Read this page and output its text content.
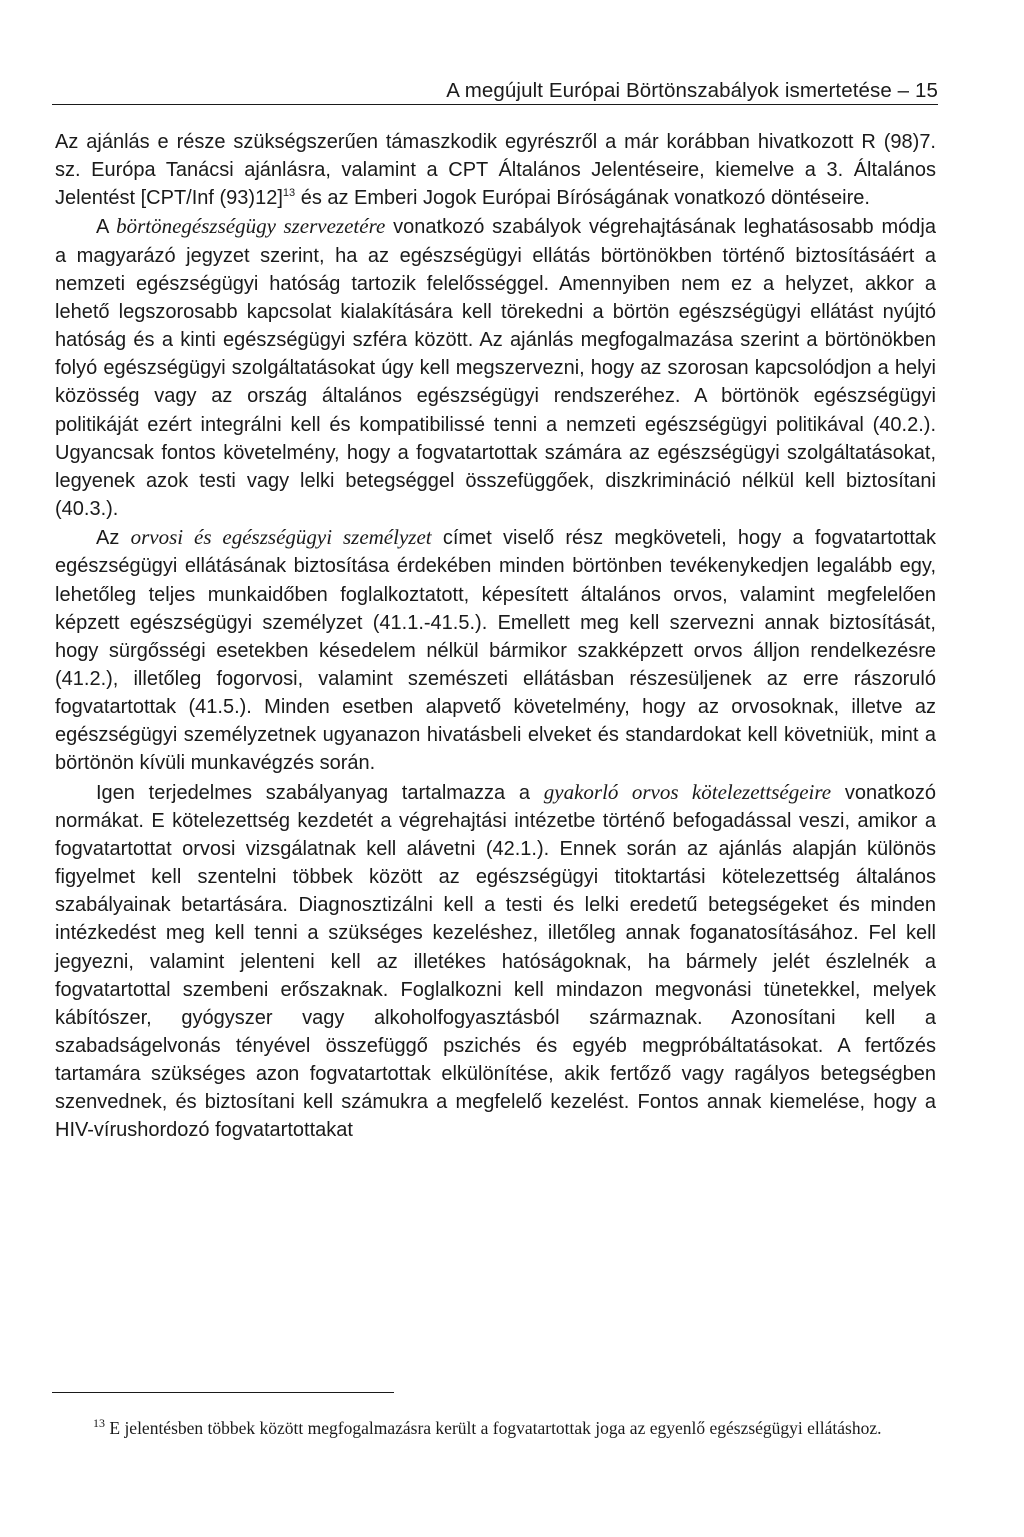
A megújult Európai Börtönszabályok ismertetése – 15

Az ajánlás e része szükségszerűen támaszkodik egyrészről a már korábban hivatkozott R (98)7. sz. Európa Tanácsi ajánlásra, valamint a CPT Általános Jelentéseire, kiemelve a 3. Általános Jelentést [CPT/Inf (93)12]$^{13}$ és az Emberi Jogok Európai Bíróságának vonatkozó döntéseire.

A börtönegészségügy szervezetére vonatkozó szabályok végrehajtásának leghatásosabb módja a magyarázó jegyzet szerint, ha az egészségügyi ellátás börtönökben történő biztosításáért a nemzeti egészségügyi hatóság tartozik felelősséggel. Amennyiben nem ez a helyzet, akkor a lehető legszorosabb kapcsolat kialakítására kell törekedni a börtön egészségügyi ellátást nyújtó hatóság és a kinti egészségügyi szféra között. Az ajánlás megfogalmazása szerint a börtönökben folyó egészségügyi szolgáltatásokat úgy kell megszervezni, hogy az szorosan kapcsolódjon a helyi közösség vagy az ország általános egészségügyi rendszeréhez. A börtönök egészségügyi politikáját ezért integrálni kell és kompatibilissé tenni a nemzeti egészségügyi politikával (40.2.). Ugyancsak fontos követelmény, hogy a fogvatartottak számára az egészségügyi szolgáltatásokat, legyenek azok testi vagy lelki betegséggel összefüggőek, diszkrimináció nélkül kell biztosítani (40.3.).

Az orvosi és egészségügyi személyzet címet viselő rész megköveteli, hogy a fogvatartottak egészségügyi ellátásának biztosítása érdekében minden börtönben tevékenykedjen legalább egy, lehetőleg teljes munkaidőben foglalkoztatott, képesített általános orvos, valamint megfelelően képzett egészségügyi személyzet (41.1.-41.5.). Emellett meg kell szervezni annak biztosítását, hogy sürgősségi esetekben késedelem nélkül bármikor szakképzett orvos álljon rendelkezésre (41.2.), illetőleg fogorvosi, valamint szemészeti ellátásban részesüljenek az erre rászoruló fogvatartottak (41.5.). Minden esetben alapvető követelmény, hogy az orvosoknak, illetve az egészségügyi személyzetnek ugyanazon hivatásbeli elveket és standardokat kell követniük, mint a börtönön kívüli munkavégzés során.

Igen terjedelmes szabályanyag tartalmazza a gyakorló orvos kötelezettségeire vonatkozó normákat. E kötelezettség kezdetét a végrehajtási intézetbe történő befogadással veszi, amikor a fogvatartottat orvosi vizsgálatnak kell alávetni (42.1.). Ennek során az ajánlás alapján különös figyelmet kell szentelni többek között az egészségügyi titoktartási kötelezettség általános szabályainak betartására. Diagnosztizálni kell a testi és lelki eredetű betegségeket és minden intézkedést meg kell tenni a szükséges kezeléshez, illetőleg annak foganatosításához. Fel kell jegyezni, valamint jelenteni kell az illetékes hatóságoknak, ha bármely jelét észlelnék a fogvatartottal szembeni erőszaknak. Foglalkozni kell mindazon megvonási tünetekkel, melyek kábítószer, gyógyszer vagy alkoholfogyasztásból származnak. Azonosítani kell a szabadságelvonás tényével összefüggő pszichés és egyéb megpróbáltatásokat. A fertőzés tartamára szükséges azon fogvatartottak elkülönítése, akik fertőző vagy ragályos betegségben szenvednek, és biztosítani kell számukra a megfelelő kezelést. Fontos annak kiemelése, hogy a HIV-vírushordozó fogvatartottakat

$^{13}$ E jelentésben többek között megfogalmazásra került a fogvatartottak joga az egyenlő egészségügyi ellátáshoz.
